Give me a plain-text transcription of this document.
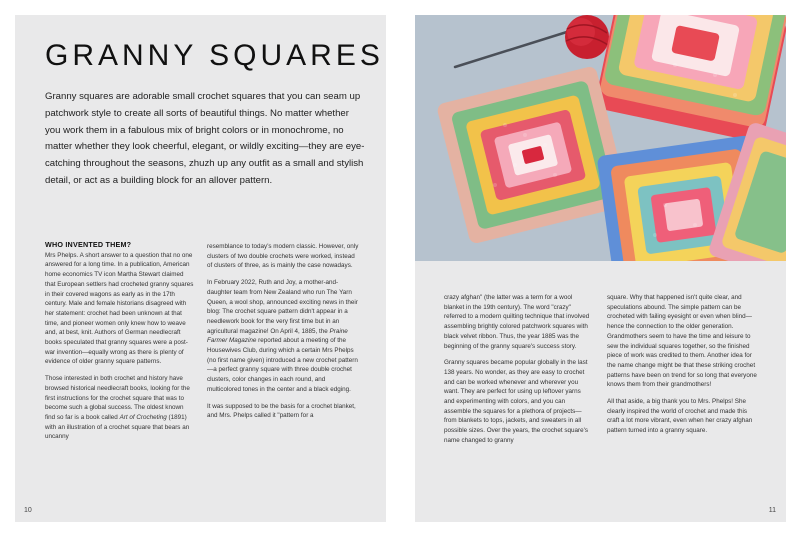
GRANNY SQUARES

Granny squares are adorable small crochet squares that you can seam up patchwork style to create all sorts of beautiful things. No matter whether you work them in a fabulous mix of bright colors or in monochrome, no matter whether they look cheerful, elegant, or wildly exciting—they are eye-catching throughout the seasons, zhuzh up any outfit as a small and stylish detail, or act as a building block for an allover pattern.

WHO INVENTED THEM?

Mrs Phelps. A short answer to a question that no one answered for a long time. In a publication, American home economics TV icon Martha Stewart claimed that European settlers had crocheted granny squares in their covered wagons as early as in the 17th century. Male and female historians disagreed with her statement: crochet had been unknown at that time, and pioneer women only knew how to weave and, at best, knit. Authors of German needlecraft books speculated that granny squares were a post-war invention—equally wrong as there is plenty of evidence of older granny square patterns.

Those interested in both crochet and history have browsed historical needlecraft books, looking for the first instructions for the crochet square that was to become such a global success. The oldest known find so far is a book called Art of Crocheting (1891) with an illustration of a crochet square that bears an uncanny

resemblance to today's modern classic. However, only clusters of two double crochets were worked, instead of clusters of three, as is mainly the case nowadays.

In February 2022, Ruth and Joy, a mother-and-daughter team from New Zealand who run The Yarn Queen, a wool shop, announced exciting news in their blog: The crochet square pattern didn't appear in a needlework book for the very first time but in an agricultural magazine! On April 4, 1885, the Praine Farmer Magazine reported about a meeting of the Housewives Club, during which a certain Mrs Phelps (no first name given) introduced a new crochet pattern—a perfect granny square with three double crochet clusters, color changes in each round, and multicolored tones in the center and a black edging.

It was supposed to be the basis for a crochet blanket, and Mrs. Phelps called it "pattern for a

10

crazy afghan" (the latter was a term for a wool blanket in the 19th century). The word "crazy" referred to a modern quilting technique that involved assembling brightly colored patchwork squares with black velvet ribbon. Thus, the year 1885 was the beginning of the granny square's success story.

Granny squares became popular globally in the last 138 years. No wonder, as they are easy to crochet and can be worked whenever and wherever you want. They are perfect for using up leftover yarns and experimenting with colors, and you can assemble the squares for a plethora of projects—from blankets to tops, jackets, and sweaters in all possible sizes. Over the years, the crochet square's name changed to granny

square. Why that happened isn't quite clear, and speculations abound. The simple pattern can be crocheted with failing eyesight or even when blind—hence the connection to the older generation. Grandmothers seem to have the time and leisure to sew the individual squares together, so the finished piece of work was credited to them. Another idea for the name change might be that these striking crochet patterns have been on trend for so long that everyone knows them from their grandmothers!

All that aside, a big thank you to Mrs. Phelps! She clearly inspired the world of crochet and made this craft a lot more vibrant, even when her crazy afghan pattern turned into a granny square.

11
